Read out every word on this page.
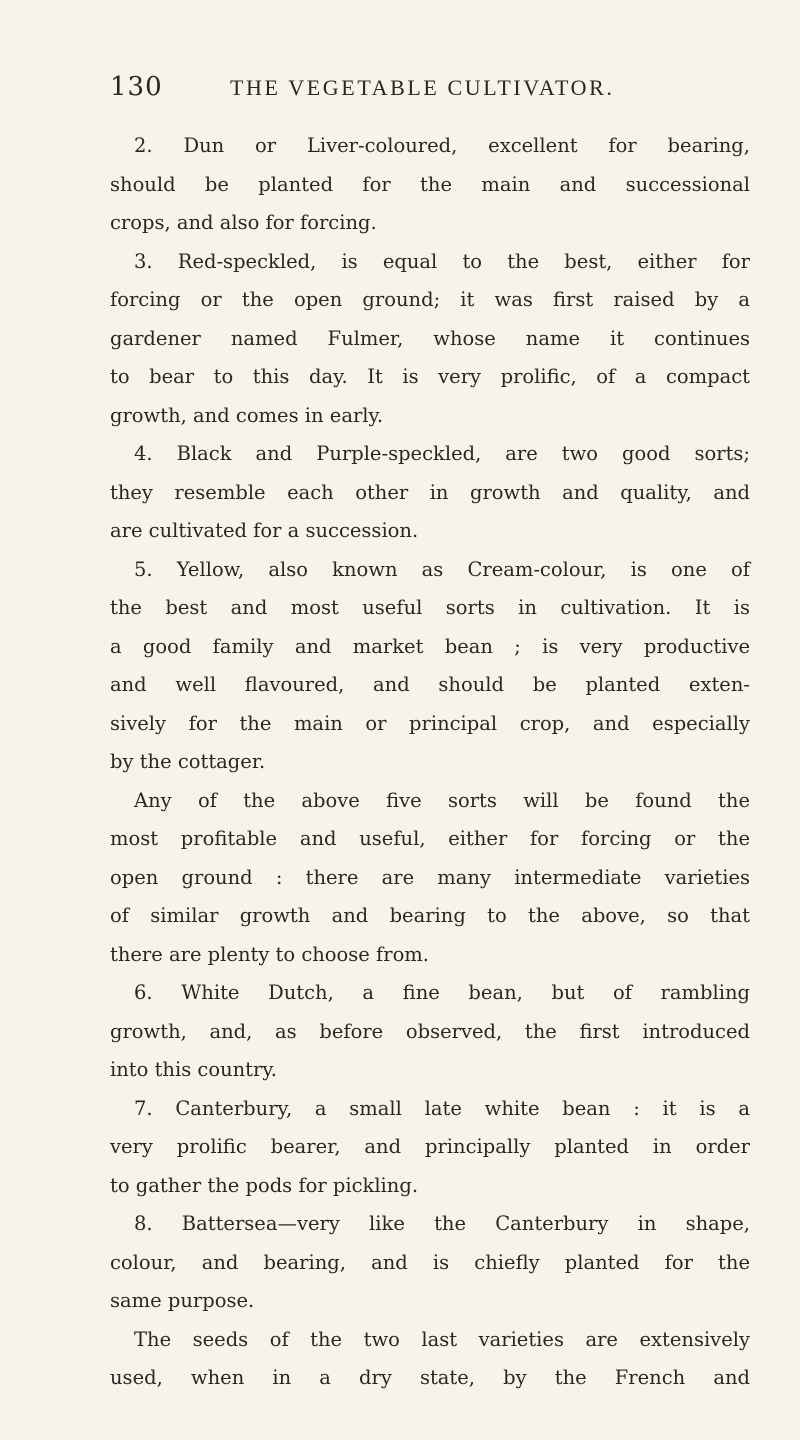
130	THE VEGETABLE CULTIVATOR.
2. Dun or Liver-coloured, excellent for bearing,
should be planted for the main and successional
crops, and also for forcing.
3. Red-speckled, is equal to the best, either for
forcing or the open ground; it was first raised by a
gardener named Fulmer, whose name it continues
to bear to this day. It is very prolific, of a compact
growth, and comes in early.
4. Black and Purple-speckled, are two good sorts;
they resemble each other in growth and quality, and
are cultivated for a succession.
5. Yellow, also known as Cream-colour, is one of
the best and most useful sorts in cultivation. It is
a good family and market bean ; is very productive
and well flavoured, and should be planted exten-
sively for the main or principal crop, and especially
by the cottager.
Any of the above five sorts will be found the
most profitable and useful, either for forcing or the
open ground : there are many intermediate varieties
of similar growth and bearing to the above, so that
there are plenty to choose from.
6. White Dutch, a fine bean, but of rambling
growth, and, as before observed, the first introduced
into this country.
7. Canterbury, a small late white bean : it is a
very prolific bearer, and principally planted in order
to gather the pods for pickling.
8. Battersea—very like the Canterbury in shape,
colour, and bearing, and is chiefly planted for the
same purpose.
The seeds of the two last varieties are extensively
used, when in a dry state, by the French and
